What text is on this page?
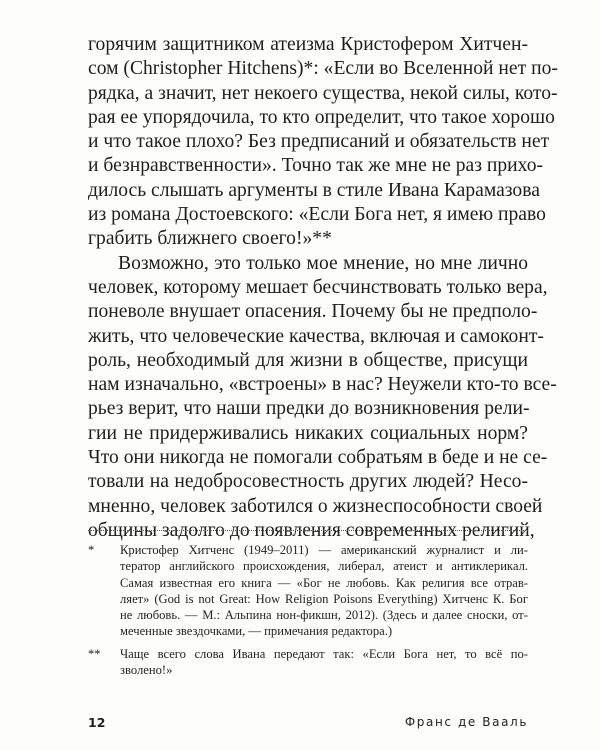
горячим защитником атеизма Кристофером Хитчен-
сом (Christopher Hitchens)*: «Если во Вселенной нет по-
рядка, а значит, нет некоего существа, некой силы, кото-
рая ее упорядочила, то кто определит, что такое хорошо
и что такое плохо? Без предписаний и обязательств нет
и безнравственности». Точно так же мне не раз прихо-
дилось слышать аргументы в стиле Ивана Карамазова
из романа Достоевского: «Если Бога нет, я имею право
грабить ближнего своего!»**
Возможно, это только мое мнение, но мне лично
человек, которому мешает бесчинствовать только вера,
поневоле внушает опасения. Почему бы не предполо-
жить, что человеческие качества, включая и самоконт-
роль, необходимый для жизни в обществе, присущи
нам изначально, «встроены» в нас? Неужели кто-то все-
рьез верит, что наши предки до возникновения рели-
гии не придерживались никаких социальных норм?
Что они никогда не помогали собратьям в беде и не се-
товали на недобросовестность других людей? Несо-
мненно, человек заботился о жизнеспособности своей
общины задолго до появления современных религий,
* Кристофер Хитченс (1949–2011) — американский журналист и ли-
тератор английского происхождения, либерал, атеист и антиклерикал.
Самая известная его книга — «Бог не любовь. Как религия все отрав-
ляет» (God is not Great: How Religion Poisons Everything) Хитченс К. Бог
не любовь. — М.: Альпина нон-фикшн, 2012). (Здесь и далее сноски, от-
меченные звездочками, — примечания редактора.)
** Чаще всего слова Ивана передают так: «Если Бога нет, то всё по-
зволено!»
12	Франс де Вааль
